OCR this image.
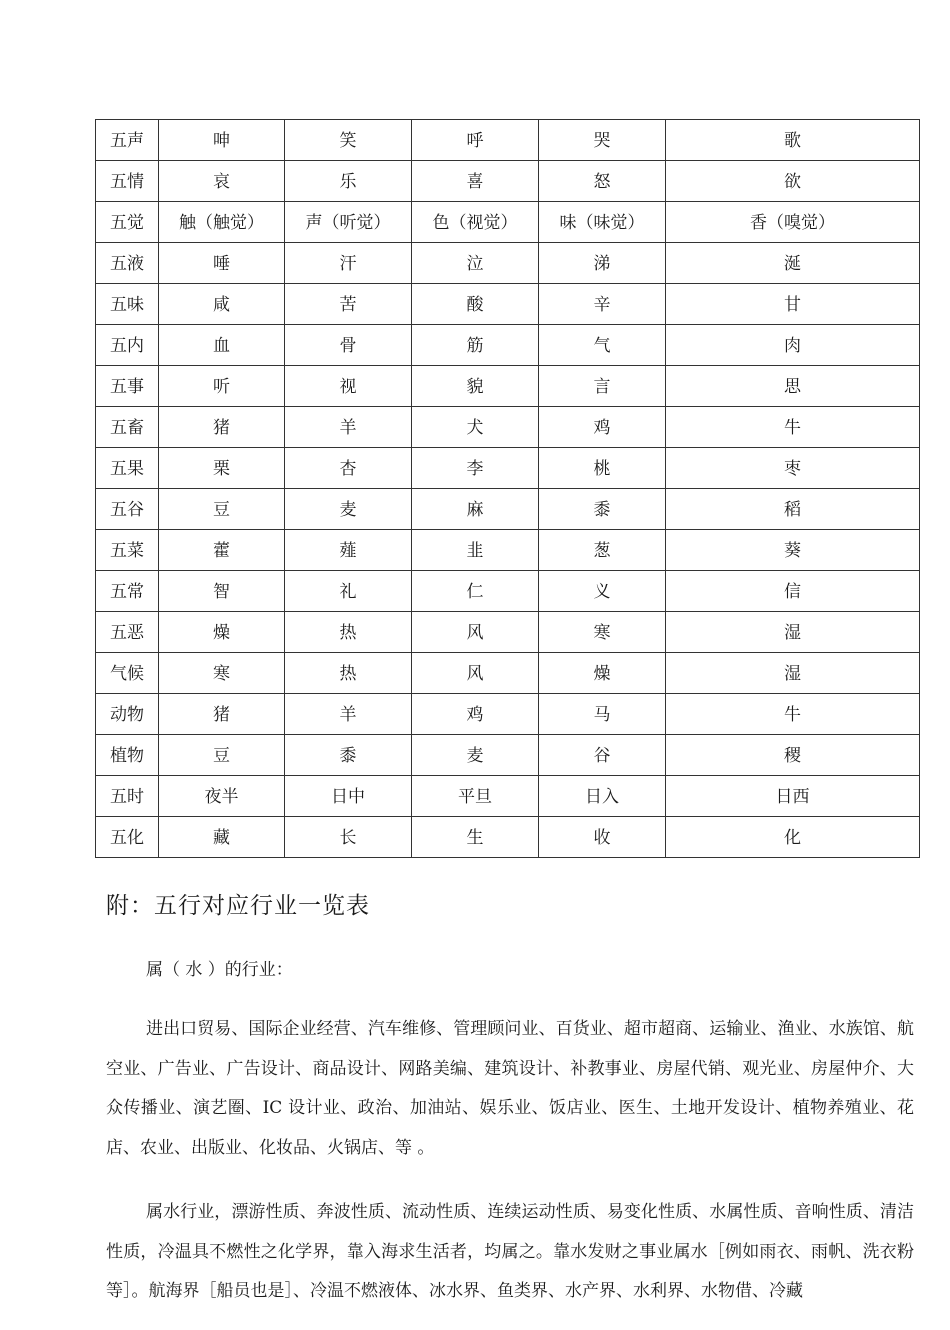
五声	呻	笑	呼	哭	歌
五情	哀	乐	喜	怒	欲
五觉	触（触觉）	声（听觉）	色（视觉）	味（味觉）	香（嗅觉）
五液	唾	汗	泣	涕	涎
五味	咸	苦	酸	辛	甘
五内	血	骨	筋	气	肉
五事	听	视	貌	言	思
五畜	猪	羊	犬	鸡	牛
五果	栗	杏	李	桃	枣
五谷	豆	麦	麻	黍	稻
五菜	藿	薤	韭	葱	葵
五常	智	礼	仁	义	信
五恶	燥	热	风	寒	湿
气候	寒	热	风	燥	湿
动物	猪	羊	鸡	马	牛
植物	豆	黍	麦	谷	稷
五时	夜半	日中	平旦	日入	日西
五化	藏	长	生	收	化
附：五行对应行业一览表

属（ 水 ）的行业：

进出口贸易、国际企业经营、汽车维修、管理顾问业、百货业、超市超商、运输业、渔业、水族馆、航空业、广告业、广告设计、商品设计、网路美编、建筑设计、补教事业、房屋代销、观光业、房屋仲介、大众传播业、演艺圈、IC 设计业、政治、加油站、娱乐业、饭店业、医生、土地开发设计、植物养殖业、花店、农业、出版业、化妆品、火锅店、等 。

属水行业，漂游性质、奔波性质、流动性质、连续运动性质、易变化性质、水属性质、音响性质、清洁性质，冷温具不燃性之化学界，靠入海求生活者，均属之。靠水发财之事业属水［例如雨衣、雨帆、洗衣粉等］。航海界［船员也是］、冷温不燃液体、冰水界、鱼类界、水产界、水利界、水物借、冷藏
